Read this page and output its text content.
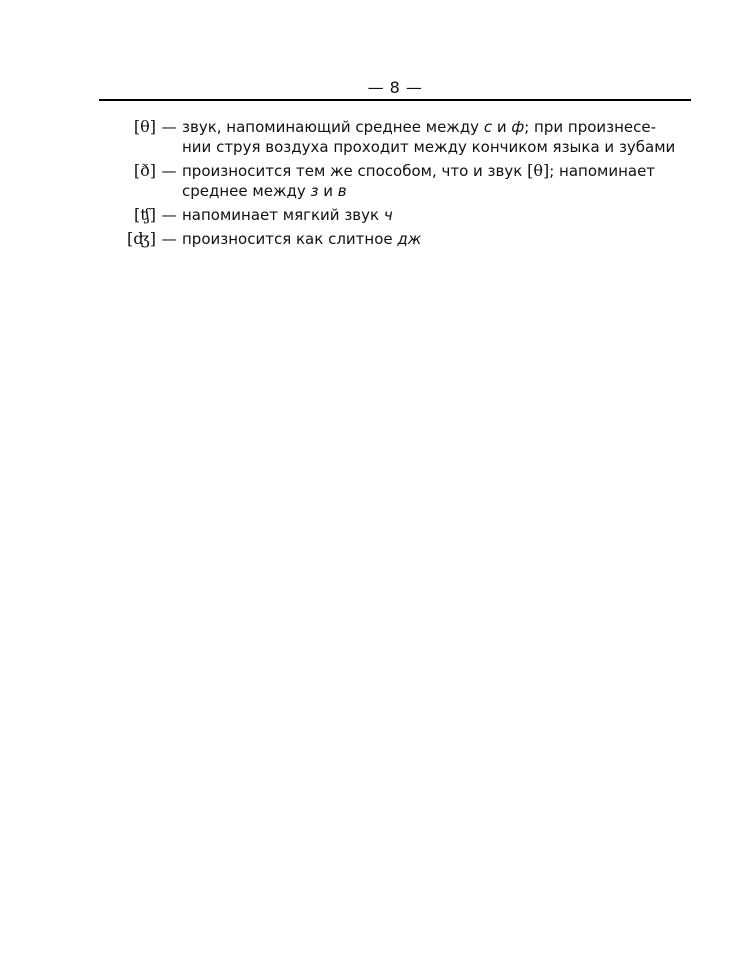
— 8 —
[θ] — звук, напоминающий среднее между с и ф; при произнесе-
нии струя воздуха проходит между кончиком языка и зубами
[ð] — произносится тем же способом, что и звук [θ]; напоминает
среднее между з и в
[ʧ] — напоминает мягкий звук ч
[ʤ] — произносится как слитное дж
